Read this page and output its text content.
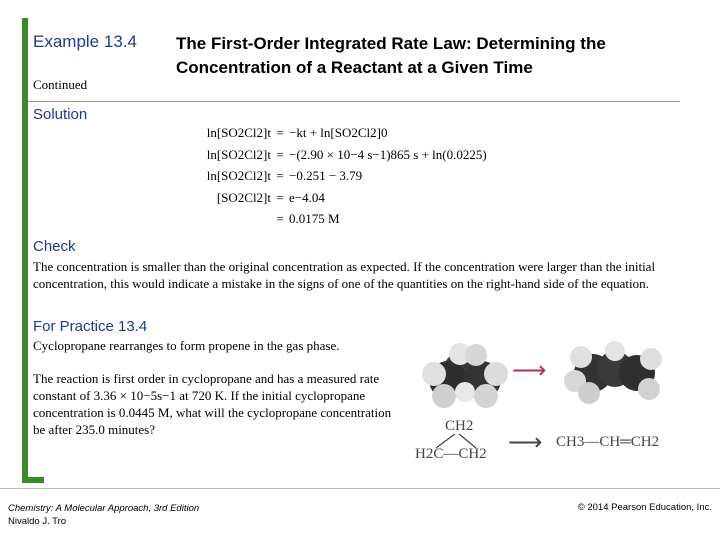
Example 13.4 The First-Order Integrated Rate Law: Determining the Concentration of a Reactant at a Given Time
Continued
Solution
ln[SO2Cl2]t = −kt + ln[SO2Cl2]0
ln[SO2Cl2]t = −(2.90 × 10−4 s−1)865 s + ln(0.0225)
ln[SO2Cl2]t = −0.251 − 3.79
[SO2Cl2]t = e−4.04
= 0.0175 M
Check
The concentration is smaller than the original concentration as expected. If the concentration were larger than the initial concentration, this would indicate a mistake in the signs of one of the quantities on the right-hand side of the equation.
For Practice 13.4
Cyclopropane rearranges to form propene in the gas phase.
The reaction is first order in cyclopropane and has a measured rate constant of 3.36 × 10−5s−1 at 720 K. If the initial cyclopropane concentration is 0.0445 M, what will the cyclopropane concentration be after 235.0 minutes?
⟶
CH2
H2C—CH2 ⟶ CH3—CH═CH2
Chemistry: A Molecular Approach, 3rd Edition
Nivaldo J. Tro
© 2014 Pearson Education, Inc.
